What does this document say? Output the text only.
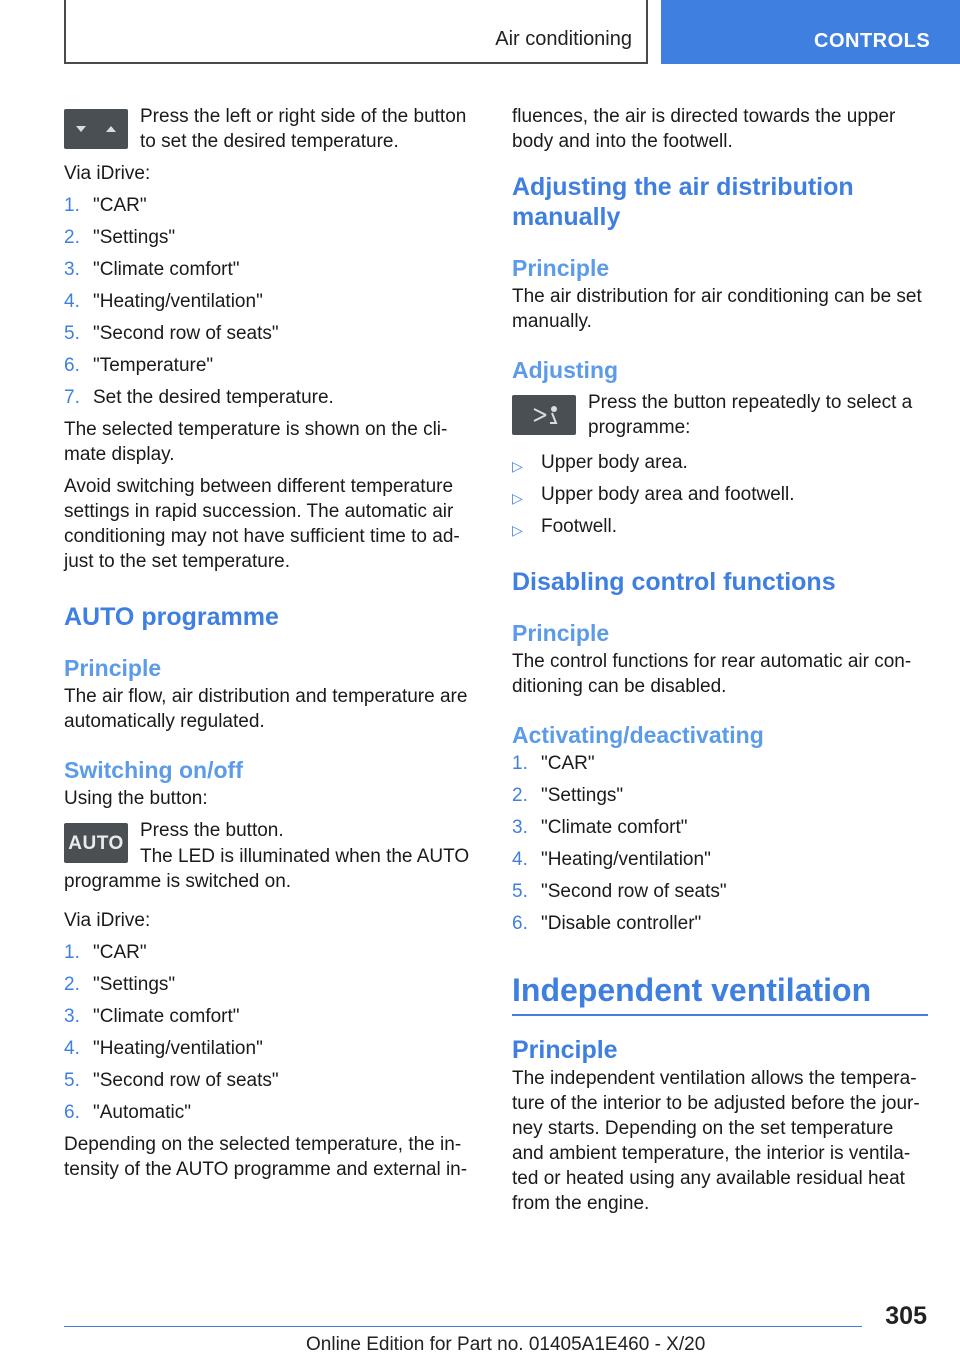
Air conditioning	CONTROLS

Press the left or right side of the button to set the desired temperature.

Via iDrive:

1. "CAR"
2. "Settings"
3. "Climate comfort"
4. "Heating/ventilation"
5. "Second row of seats"
6. "Temperature"
7. Set the desired temperature.

The selected temperature is shown on the cli-mate display.

Avoid switching between different temperature settings in rapid succession. The automatic air conditioning may not have sufficient time to ad-just to the set temperature.

AUTO programme
Principle

The air flow, air distribution and temperature are automatically regulated.

Switching on/off

Using the button:

AUTO

Press the button.

The LED is illuminated when the AUTO programme is switched on.

Via iDrive:

1. "CAR"
2. "Settings"
3. "Climate comfort"
4. "Heating/ventilation"
5. "Second row of seats"
6. "Automatic"

Depending on the selected temperature, the in-tensity of the AUTO programme and external in-

fluences, the air is directed towards the upper body and into the footwell.

Adjusting the air distribution manually
Principle

The air distribution for air conditioning can be set manually.

Adjusting

Press the button repeatedly to select a programme:

▷ Upper body area.
▷ Upper body area and footwell.
▷ Footwell.
Disabling control functions
Principle

The control functions for rear automatic air con-ditioning can be disabled.

Activating/deactivating
1. "CAR"
2. "Settings"
3. "Climate comfort"
4. "Heating/ventilation"
5. "Second row of seats"
6. "Disable controller"
Independent ventilation
Principle

The independent ventilation allows the tempera-ture of the interior to be adjusted before the jour-ney starts. Depending on the set temperature and ambient temperature, the interior is ventila-ted or heated using any available residual heat from the engine.

305
Online Edition for Part no. 01405A1E460 - X/20
